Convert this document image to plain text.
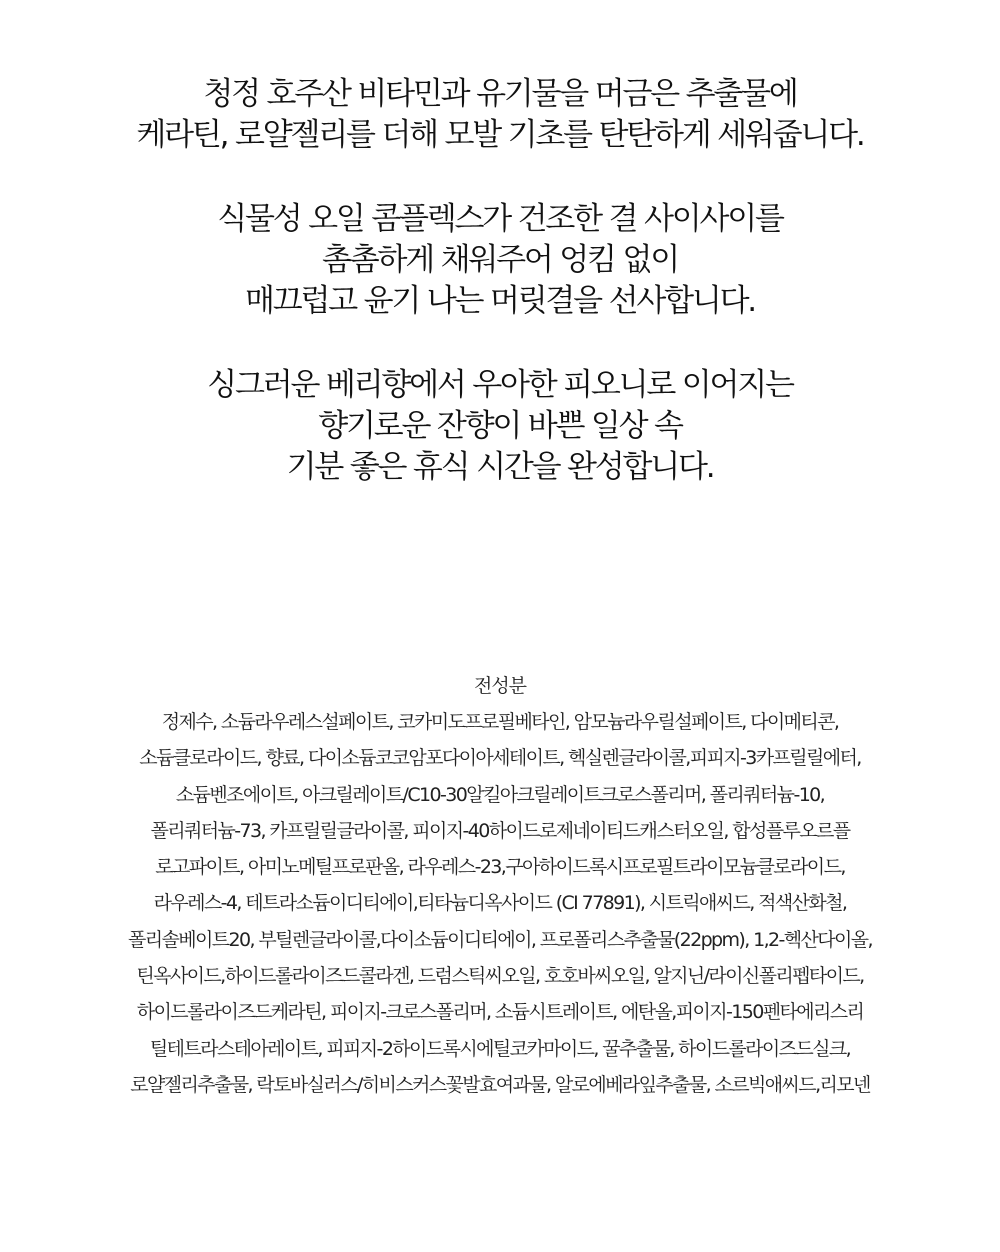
청정 호주산 비타민과 유기물을 머금은 추출물에
케라틴, 로얄젤리를 더해 모발 기초를 탄탄하게 세워줍니다.
식물성 오일 콤플렉스가 건조한 결 사이사이를
촘촘하게 채워주어 엉킴 없이
매끄럽고 윤기 나는 머릿결을 선사합니다.
싱그러운 베리향에서 우아한 피오니로 이어지는
향기로운 잔향이 바쁜 일상 속
기분 좋은 휴식 시간을 완성합니다.
전성분
정제수, 소듐라우레스설페이트, 코카미도프로필베타인, 암모늄라우릴설페이트, 다이메티콘,
소듐클로라이드, 향료, 다이소듐코코암포다이아세테이트, 헥실렌글라이콜,피피지-3카프릴릴에터,
소듐벤조에이트, 아크릴레이트/C10-30알킬아크릴레이트크로스폴리머, 폴리쿼터늄-10,
폴리쿼터늄-73, 카프릴릴글라이콜, 피이지-40하이드로제네이티드캐스터오일, 합성플루오르플
로고파이트, 아미노메틸프로판올, 라우레스-23,구아하이드록시프로필트라이모늄클로라이드,
라우레스-4, 테트라소듐이디티에이,티타늄디옥사이드 (CI 77891), 시트릭애씨드, 적색산화철,
폴리솔베이트20, 부틸렌글라이콜,다이소듐이디티에이, 프로폴리스추출물(22ppm), 1,2-헥산다이올,
틴옥사이드,하이드롤라이즈드콜라겐, 드럼스틱씨오일, 호호바씨오일, 알지닌/라이신폴리펩타이드,
하이드롤라이즈드케라틴, 피이지-크로스폴리머, 소듐시트레이트, 에탄올,피이지-150펜타에리스리
틸테트라스테아레이트, 피피지-2하이드록시에틸코카마이드, 꿀추출물, 하이드롤라이즈드실크,
로얄젤리추출물, 락토바실러스/히비스커스꽃발효여과물, 알로에베라잎추출물, 소르빅애씨드,리모넨
